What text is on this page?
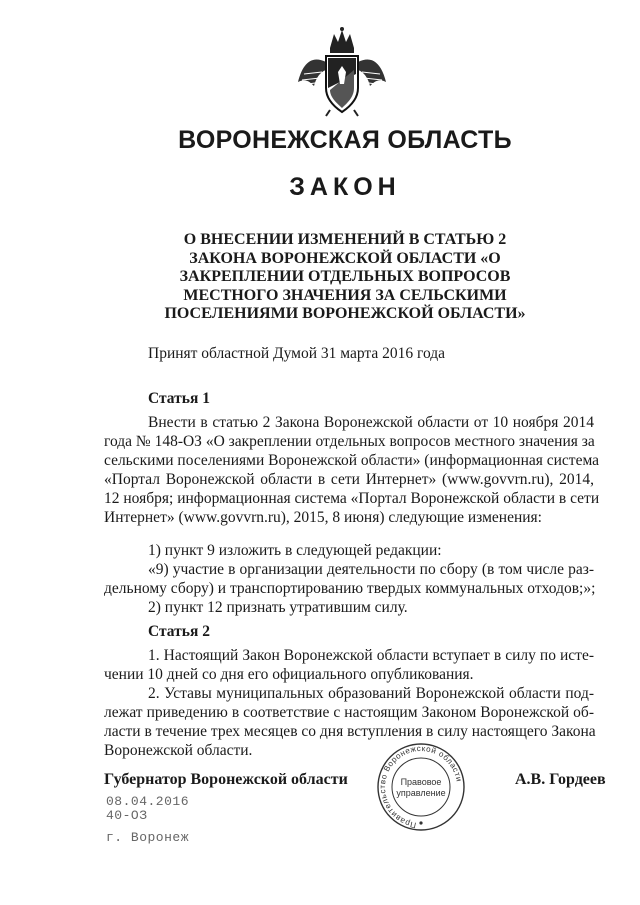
ВОРОНЕЖСКАЯ ОБЛАСТЬ
ЗАКОН
О ВНЕСЕНИИ ИЗМЕНЕНИЙ В СТАТЬЮ 2
ЗАКОНА ВОРОНЕЖСКОЙ ОБЛАСТИ «О
ЗАКРЕПЛЕНИИ ОТДЕЛЬНЫХ ВОПРОСОВ
МЕСТНОГО ЗНАЧЕНИЯ ЗА СЕЛЬСКИМИ
ПОСЕЛЕНИЯМИ ВОРОНЕЖСКОЙ ОБЛАСТИ»
Принят областной Думой 31 марта 2016 года
Статья 1
Внести в статью 2 Закона Воронежской области от 10 ноября 2014
года № 148-ОЗ «О закреплении отдельных вопросов местного значения за
сельскими поселениями Воронежской области» (информационная система
«Портал Воронежской области в сети Интернет» (www.govvrn.ru), 2014,
12 ноября; информационная система «Портал Воронежской области в сети
Интернет» (www.govvrn.ru), 2015, 8 июня) следующие изменения:
1) пункт 9 изложить в следующей редакции:
«9) участие в организации деятельности по сбору (в том числе раз-
дельному сбору) и транспортированию твердых коммунальных отходов;»;
2) пункт 12 признать утратившим силу.
Статья 2
1. Настоящий Закон Воронежской области вступает в силу по исте-
чении 10 дней со дня его официального опубликования.
2. Уставы муниципальных образований Воронежской области под-
лежат приведению в соответствие с настоящим Законом Воронежской об-
ласти в течение трех месяцев со дня вступления в силу настоящего Закона
Воронежской области.
Губернатор Воронежской области	А.В. Гордеев
08.04.2016
40-ОЗ
г. Воронеж
Правительство Воронежской области
Правовое
управление
